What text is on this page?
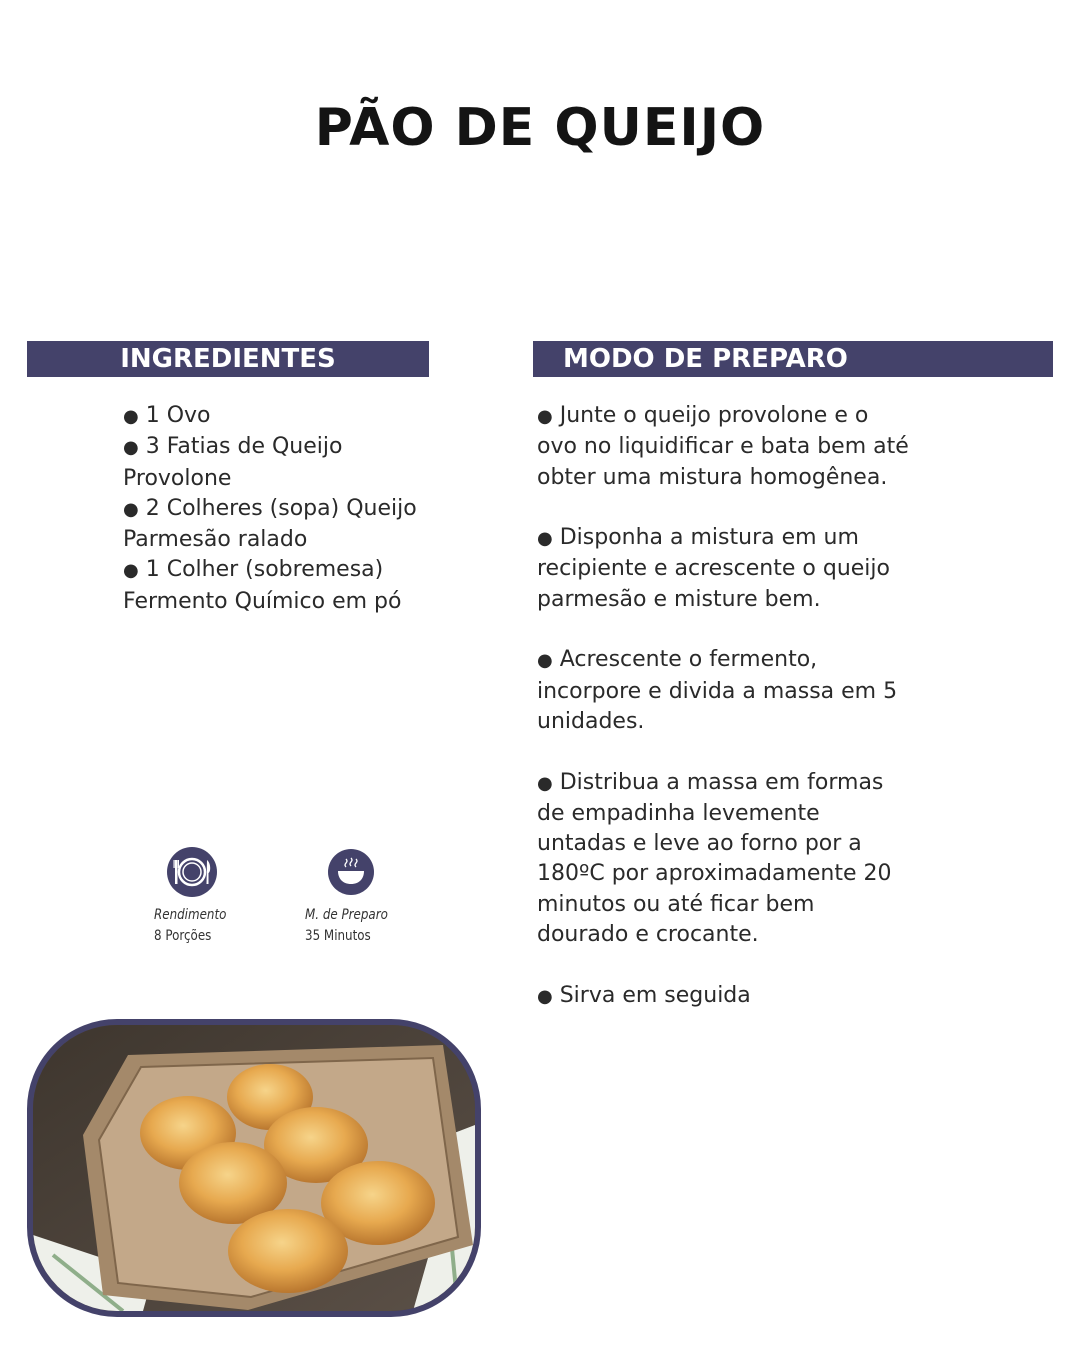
PÃO DE QUEIJO
INGREDIENTES	MODO DE PREPARO
● 1 Ovo
● 3 Fatias de Queijo Provolone
● 2 Colheres (sopa) Queijo Parmesão ralado
● 1 Colher (sobremesa) Fermento Químico em pó
● Junte o queijo provolone e o ovo no liquidificar e bata bem até obter uma mistura homogênea.
● Disponha a mistura em um recipiente e acrescente o queijo parmesão e misture bem.
● Acrescente o fermento, incorpore e divida a massa em 5 unidades.
● Distribua a massa em formas de empadinha levemente untadas e leve ao forno por a 180ºC por aproximadamente 20 minutos ou até ficar bem dourado e crocante.
● Sirva em seguida
Rendimento
8 Porções
M. de Preparo
35 Minutos
